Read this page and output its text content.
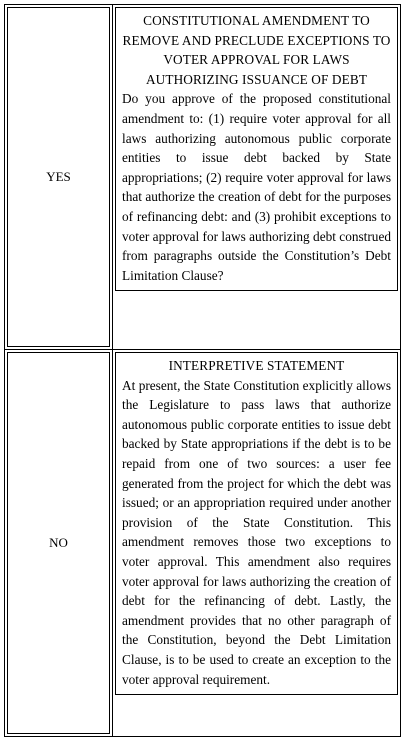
YES	CONSTITUTIONAL AMENDMENT TO REMOVE AND PRECLUDE EXCEPTIONS TO VOTER APPROVAL FOR LAWS AUTHORIZING ISSUANCE OF DEBT
Do you approve of the proposed constitutional amendment to: (1) require voter approval for all laws authorizing autonomous public corporate entities to issue debt backed by State appropriations; (2) require voter approval for laws that authorize the creation of debt for the purposes of refinancing debt: and (3) prohibit exceptions to voter approval for laws authorizing debt construed from paragraphs outside the Constitution’s Debt Limitation Clause?

NO	INTERPRETIVE STATEMENT
At present, the State Constitution explicitly allows the Legislature to pass laws that authorize autonomous public corporate entities to issue debt backed by State appropriations if the debt is to be repaid from one of two sources: a user fee generated from the project for which the debt was issued; or an appropriation required under another provision of the State Constitution. This amendment removes those two exceptions to voter approval. This amendment also requires voter approval for laws authorizing the creation of debt for the refinancing of debt. Lastly, the amendment provides that no other paragraph of the Constitution, beyond the Debt Limitation Clause, is to be used to create an exception to the voter approval requirement.
